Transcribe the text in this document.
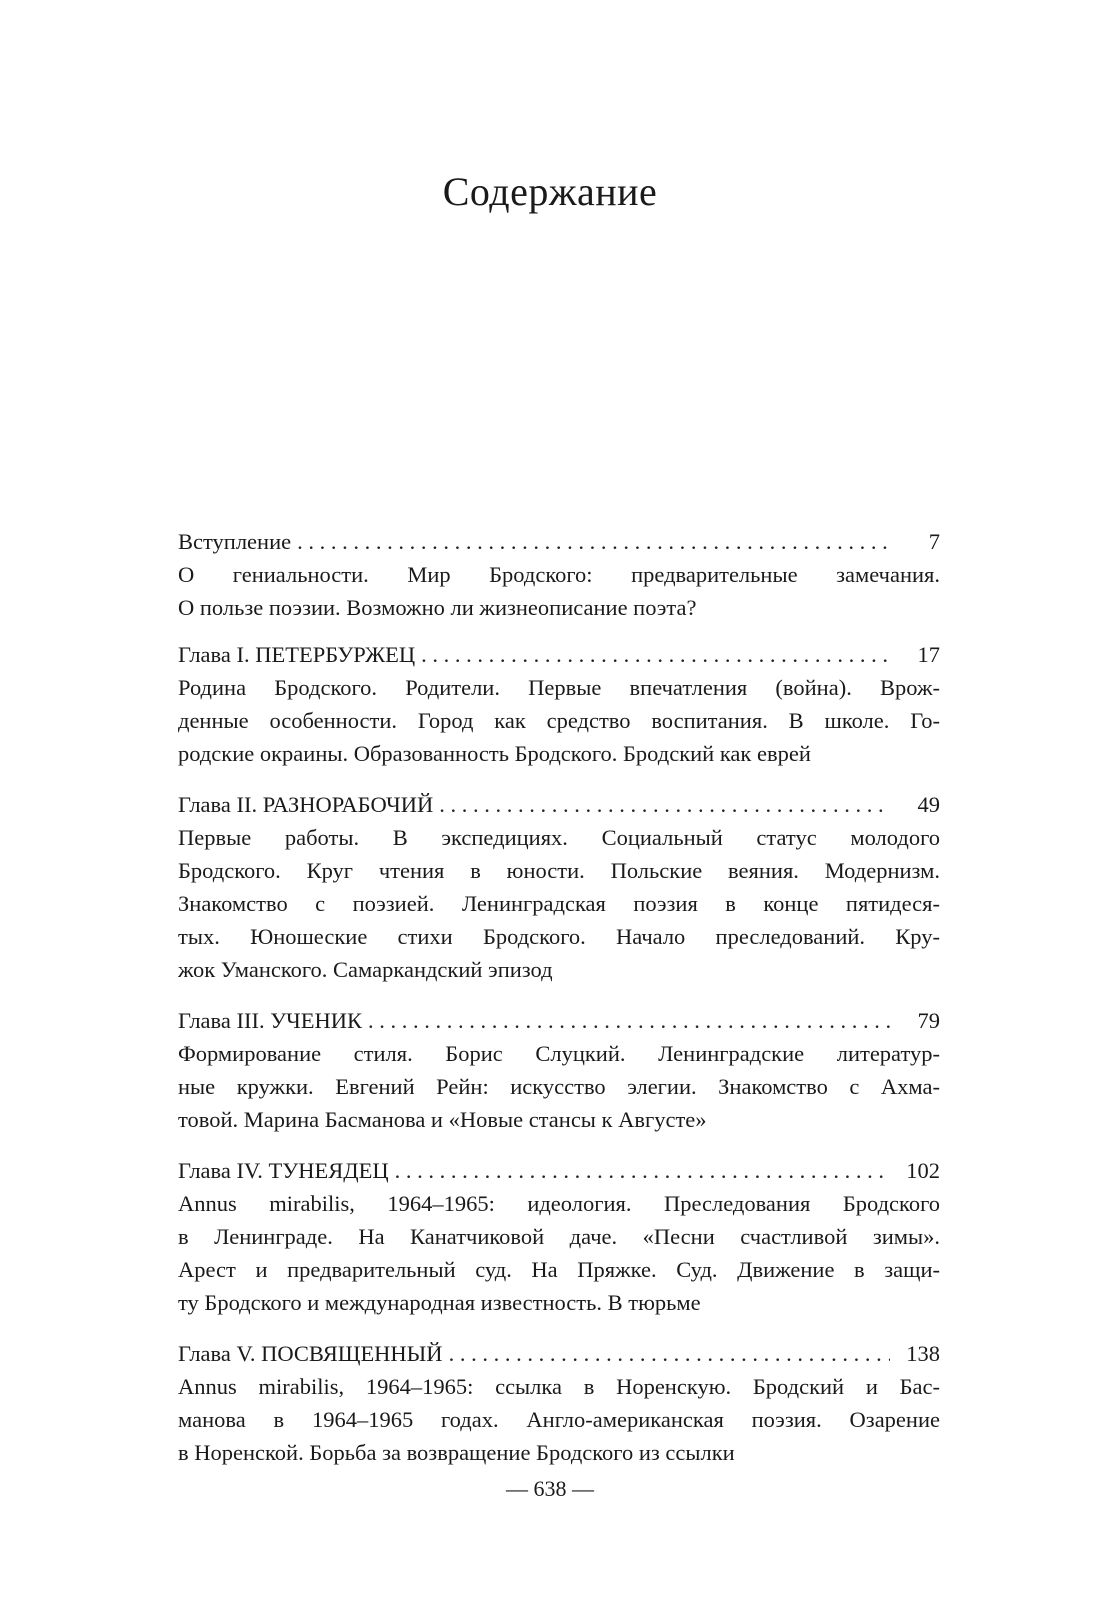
Содержание
Вступление . . .	7
О гениальности. Мир Бродского: предварительные замечания.
О пользе поэзии. Возможно ли жизнеописание поэта?
Глава I. ПЕТЕРБУРЖЕЦ . . .	17
Родина Бродского. Родители. Первые впечатления (война). Врож-
денные особенности. Город как средство воспитания. В школе. Го-
родские окраины. Образованность Бродского. Бродский как еврей
Глава II. РАЗНОРАБОЧИЙ . . .	49
Первые работы. В экспедициях. Социальный статус молодого
Бродского. Круг чтения в юности. Польские веяния. Модернизм.
Знакомство с поэзией. Ленинградская поэзия в конце пятидеся-
тых. Юношеские стихи Бродского. Начало преследований. Кру-
жок Уманского. Самаркандский эпизод
Глава III. УЧЕНИК . . .	79
Формирование стиля. Борис Слуцкий. Ленинградские литератур-
ные кружки. Евгений Рейн: искусство элегии. Знакомство с Ахма-
товой. Марина Басманова и «Новые стансы к Августе»
Глава IV. ТУНЕЯДЕЦ . . .	102
Annus mirabilis, 1964–1965: идеология. Преследования Бродского
в Ленинграде. На Канатчиковой даче. «Песни счастливой зимы».
Арест и предварительный суд. На Пряжке. Суд. Движение в защи-
ту Бродского и международная известность. В тюрьме
Глава V. ПОСВЯЩЕННЫЙ . . .	138
Annus mirabilis, 1964–1965: ссылка в Норенскую. Бродский и Бас-
манова в 1964–1965 годах. Англо-американская поэзия. Озарение
в Норенской. Борьба за возвращение Бродского из ссылки
— 638 —
